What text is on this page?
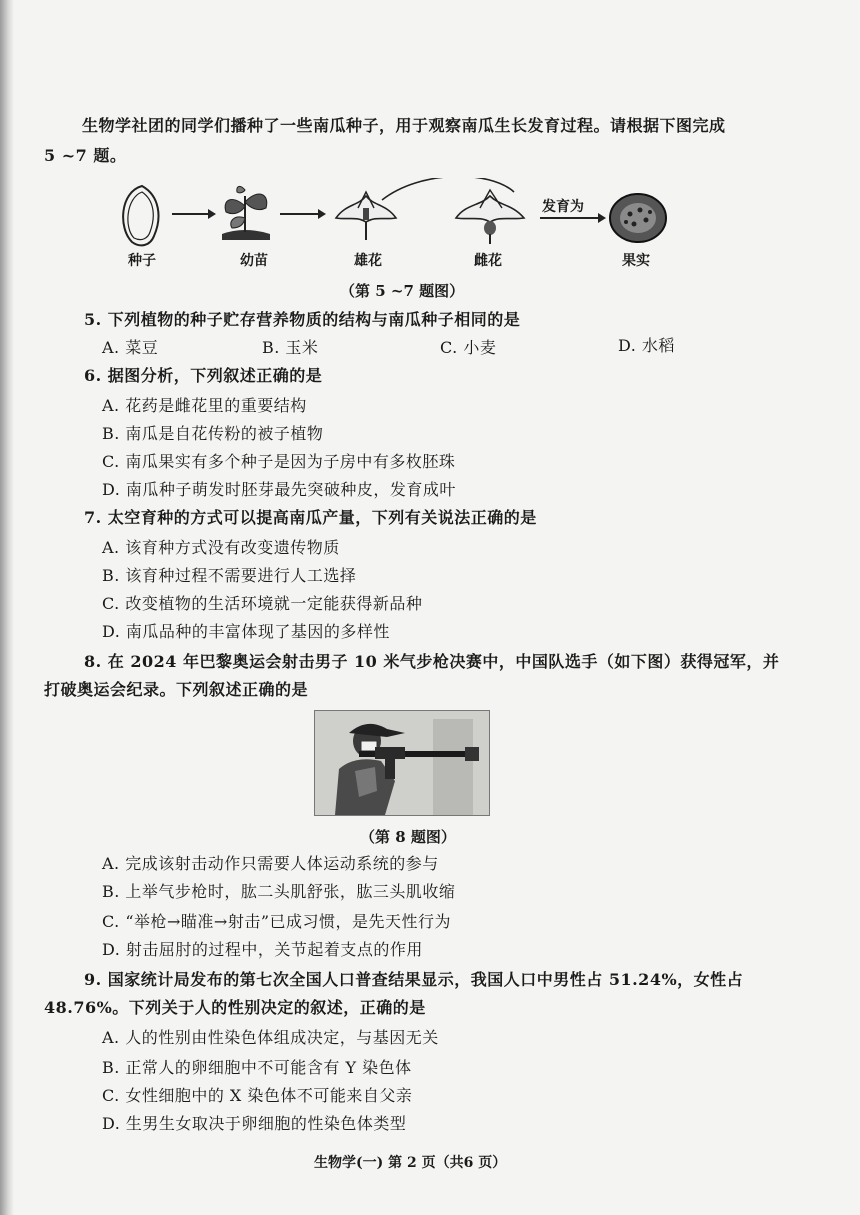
生物学社团的同学们播种了一些南瓜种子，用于观察南瓜生长发育过程。请根据下图完成
5 ~7 题。
发育为
种子	幼苗	雄花	雌花	果实
（第 5 ~7 题图）
5. 下列植物的种子贮存营养物质的结构与南瓜种子相同的是
A. 菜豆	B. 玉米	C. 小麦	D. 水稻
6. 据图分析，下列叙述正确的是
A. 花药是雌花里的重要结构
B. 南瓜是自花传粉的被子植物
C. 南瓜果实有多个种子是因为子房中有多枚胚珠
D. 南瓜种子萌发时胚芽最先突破种皮，发育成叶
7. 太空育种的方式可以提高南瓜产量，下列有关说法正确的是
A. 该育种方式没有改变遗传物质
B. 该育种过程不需要进行人工选择
C. 改变植物的生活环境就一定能获得新品种
D. 南瓜品种的丰富体现了基因的多样性
8. 在 2024 年巴黎奥运会射击男子 10 米气步枪决赛中，中国队选手（如下图）获得冠军，并
打破奥运会纪录。下列叙述正确的是
（第 8 题图）
A. 完成该射击动作只需要人体运动系统的参与
B. 上举气步枪时，肱二头肌舒张，肱三头肌收缩
C. “举枪→瞄准→射击”已成习惯，是先天性行为
D. 射击屈肘的过程中，关节起着支点的作用
9. 国家统计局发布的第七次全国人口普查结果显示，我国人口中男性占 51.24%，女性占
48.76%。下列关于人的性别决定的叙述，正确的是
A. 人的性别由性染色体组成决定，与基因无关
B. 正常人的卵细胞中不可能含有 Y 染色体
C. 女性细胞中的 X 染色体不可能来自父亲
D. 生男生女取决于卵细胞的性染色体类型
生物学(一) 第 2 页（共6 页）
